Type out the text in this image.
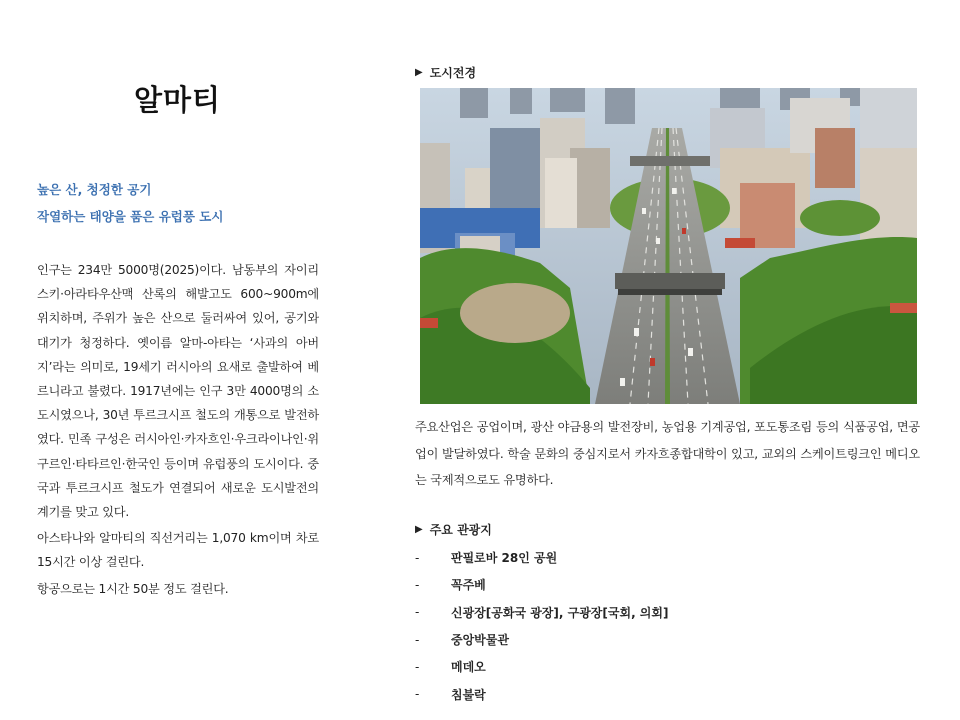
알마티
높은 산, 청정한 공기
작열하는 태양을 품은 유럽풍 도시

인구는 234만 5000명(2025)이다. 남동부의 자이리스키·아라타우산맥 산록의 해발고도 600~900m에 위치하며, 주위가 높은 산으로 둘러싸여 있어, 공기와 대기가 청정하다. 옛이름 알마-아타는 ‘사과의 아버지’라는 의미로, 19세기 러시아의 요새로 출발하여 베르니라고 불렸다. 1917년에는 인구 3만 4000명의 소도시였으나, 30년 투르크시프 철도의 개통으로 발전하였다. 민족 구성은 러시아인·카자흐인·우크라이나인·위구르인·타타르인·한국인 등이며 유럽풍의 도시이다. 중국과 투르크시프 철도가 연결되어 새로운 도시발전의 계기를 맞고 있다.

아스타나와 알마티의 직선거리는 1,070 km이며 차로 15시간 이상 걸린다.

항공으로는 1시간 50분 정도 걸린다.

▶ 도시전경
주요산업은 공업이며, 광산 야금용의 발전장비, 농업용 기계공업, 포도통조림 등의 식품공업, 면공업이 발달하였다. 학술 문화의 중심지로서 카자흐종합대학이 있고, 교외의 스케이트링크인 메디오는 국제적으로도 유명하다.
▶ 주요 관광지
-	판필로바 28인 공원
-	꼭주베
-	신광장[공화국 광장], 구광장[국회, 의회]
-	중앙박물관
-	메데오
-	침불락
